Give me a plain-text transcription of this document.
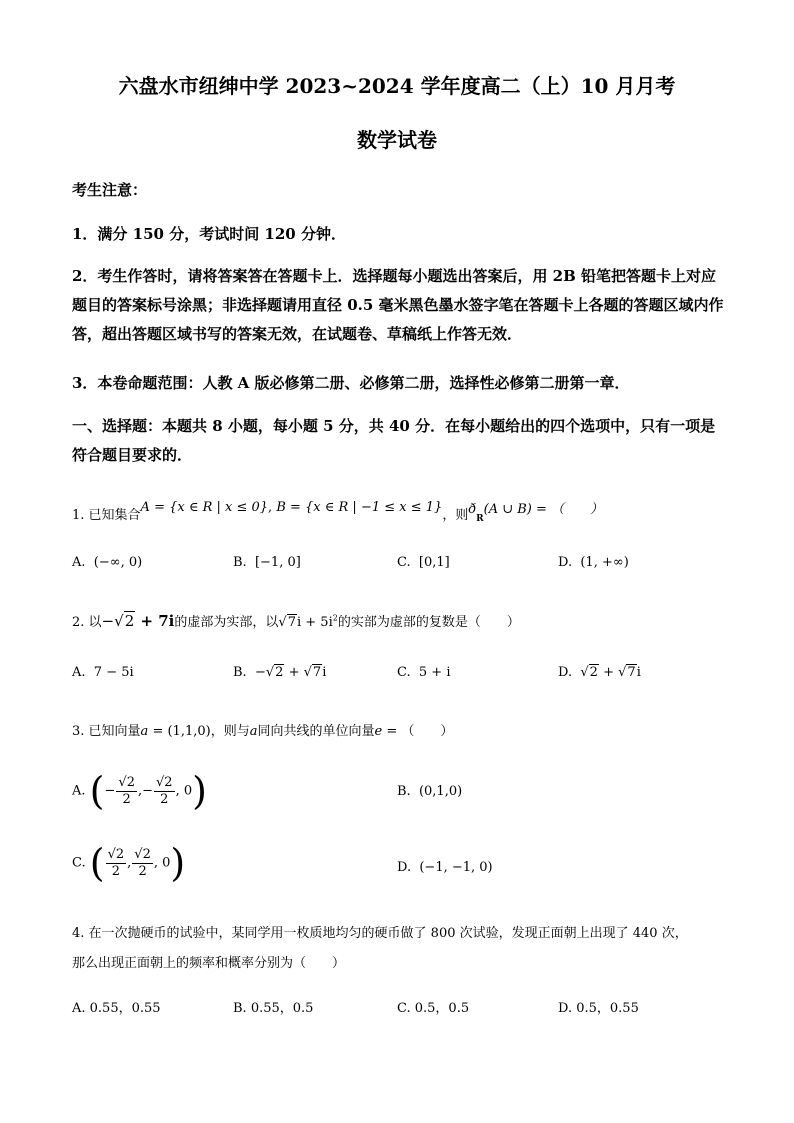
六盘水市纽绅中学 2023~2024 学年度高二（上）10 月月考
数学试卷
考生注意：
1．满分 150 分，考试时间 120 分钟．
2．考生作答时，请将答案答在答题卡上．选择题每小题选出答案后，用 2B 铅笔把答题卡上对应题目的答案标号涂黑；非选择题请用直径 0.5 毫米黑色墨水签字笔在答题卡上各题的答题区域内作答，超出答题区域书写的答案无效，在试题卷、草稿纸上作答无效．
3．本卷命题范围：人教 A 版必修第二册、必修第二册，选择性必修第二册第一章．
一、选择题：本题共 8 小题，每小题 5 分，共 40 分．在每小题给出的四个选项中，只有一项是符合题目要求的．
1. 已知集合A = {x ∈ R | x ≤ 0}, B = {x ∈ R | −1 ≤ x ≤ 1}，则$ð_R(A$ ∪ B) = （　　）
A. (−∞, 0)	B. [−1, 0]	C. [0,1]	D. (1, +∞)
2. 以−√2 + 7i的虚部为实部，以$√7i + 5i^2$的实部为虚部的复数是（　　）
A. 7 − 5i	B. −√2 + √7i	C. 5 + i	D.  √2 + √7i
3. 已知向量a = (1,1,0)，则与a同向共线的单位向量e = （　　）
A. (− $\frac{√2}{2}$ ,− $\frac{√2}{2}$ , 0)	B. (0,1,0)
C. ( $\frac{√2}{2}$ , $\frac{√2}{2}$ , 0)	D. (−1, −1, 0)
4. 在一次抛硬币的试验中，某同学用一枚质地均匀的硬币做了 800 次试验，发现正面朝上出现了 440 次，
那么出现正面朝上的频率和概率分别为（　　）
A. 0.55，0.55	B. 0.55，0.5	C. 0.5，0.5	D. 0.5，0.55
